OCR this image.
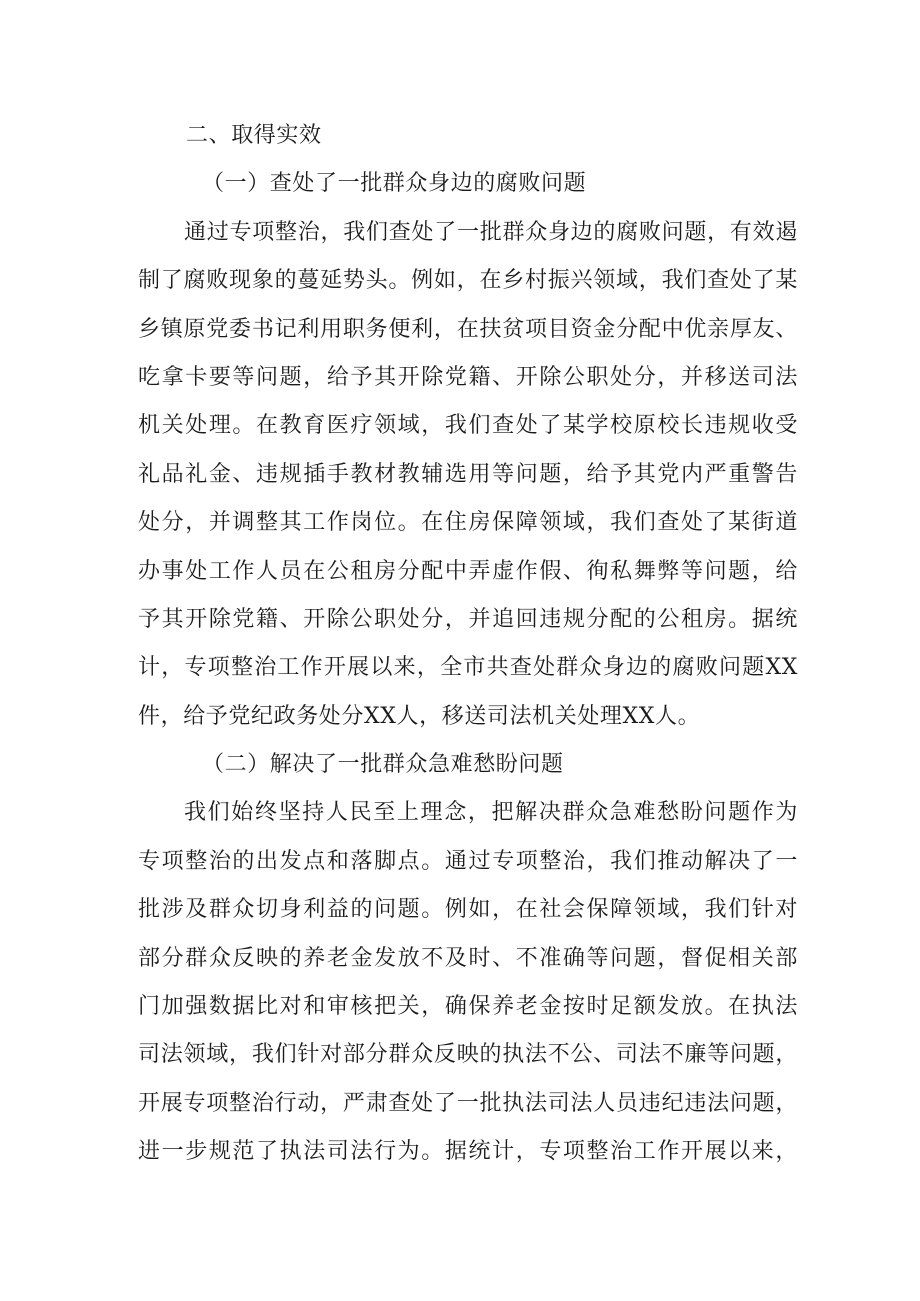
二、取得实效
（一）查处了一批群众身边的腐败问题
通过专项整治，我们查处了一批群众身边的腐败问题，有效遏
制了腐败现象的蔓延势头。例如，在乡村振兴领域，我们查处了某
乡镇原党委书记利用职务便利，在扶贫项目资金分配中优亲厚友、
吃拿卡要等问题，给予其开除党籍、开除公职处分，并移送司法
机关处理。在教育医疗领域，我们查处了某学校原校长违规收受
礼品礼金、违规插手教材教辅选用等问题，给予其党内严重警告
处分，并调整其工作岗位。在住房保障领域，我们查处了某街道
办事处工作人员在公租房分配中弄虚作假、徇私舞弊等问题，给
予其开除党籍、开除公职处分，并追回违规分配的公租房。据统
计，专项整治工作开展以来，全市共查处群众身边的腐败问题XX
件，给予党纪政务处分XX人，移送司法机关处理XX人。
（二）解决了一批群众急难愁盼问题
我们始终坚持人民至上理念，把解决群众急难愁盼问题作为
专项整治的出发点和落脚点。通过专项整治，我们推动解决了一
批涉及群众切身利益的问题。例如，在社会保障领域，我们针对
部分群众反映的养老金发放不及时、不准确等问题，督促相关部
门加强数据比对和审核把关，确保养老金按时足额发放。在执法
司法领域，我们针对部分群众反映的执法不公、司法不廉等问题，
开展专项整治行动，严肃查处了一批执法司法人员违纪违法问题，
进一步规范了执法司法行为。据统计，专项整治工作开展以来，
